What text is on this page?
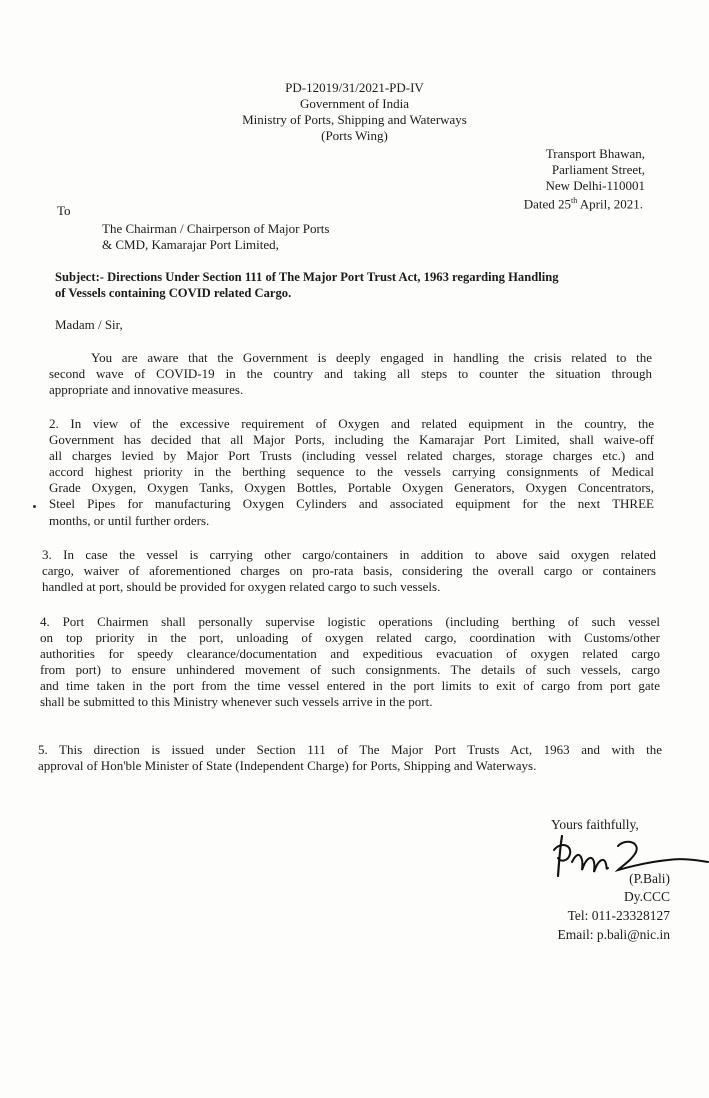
PD-12019/31/2021-PD-IV
Government of India
Ministry of Ports, Shipping and Waterways
(Ports Wing)
Transport Bhawan,
Parliament Street,
New Delhi-110001
Dated 25th April, 2021.
To
The Chairman / Chairperson of Major Ports
& CMD, Kamarajar Port Limited,
Subject:- Directions Under Section 111 of The Major Port Trust Act, 1963 regarding Handling
of Vessels containing COVID related Cargo.
Madam / Sir,
You are aware that the Government is deeply engaged in handling the crisis related to the
second wave of COVID-19 in the country and taking all steps to counter the situation through
appropriate and innovative measures.
2. In view of the excessive requirement of Oxygen and related equipment in the country, the
Government has decided that all Major Ports, including the Kamarajar Port Limited, shall waive-off
all charges levied by Major Port Trusts (including vessel related charges, storage charges etc.) and
accord highest priority in the berthing sequence to the vessels carrying consignments of Medical
Grade Oxygen, Oxygen Tanks, Oxygen Bottles, Portable Oxygen Generators, Oxygen Concentrators,
Steel Pipes for manufacturing Oxygen Cylinders and associated equipment for the next THREE
months, or until further orders.
3. In case the vessel is carrying other cargo/containers in addition to above said oxygen related
cargo, waiver of aforementioned charges on pro-rata basis, considering the overall cargo or containers
handled at port, should be provided for oxygen related cargo to such vessels.
4. Port Chairmen shall personally supervise logistic operations (including berthing of such vessel
on top priority in the port, unloading of oxygen related cargo, coordination with Customs/other
authorities for speedy clearance/documentation and expeditious evacuation of oxygen related cargo
from port) to ensure unhindered movement of such consignments. The details of such vessels, cargo
and time taken in the port from the time vessel entered in the port limits to exit of cargo from port gate
shall be submitted to this Ministry whenever such vessels arrive in the port.
5. This direction is issued under Section 111 of The Major Port Trusts Act, 1963 and with the
approval of Hon'ble Minister of State (Independent Charge) for Ports, Shipping and Waterways.
Yours faithfully,
(P.Bali)
Dy.CCC
Tel: 011-23328127
Email: p.bali@nic.in
